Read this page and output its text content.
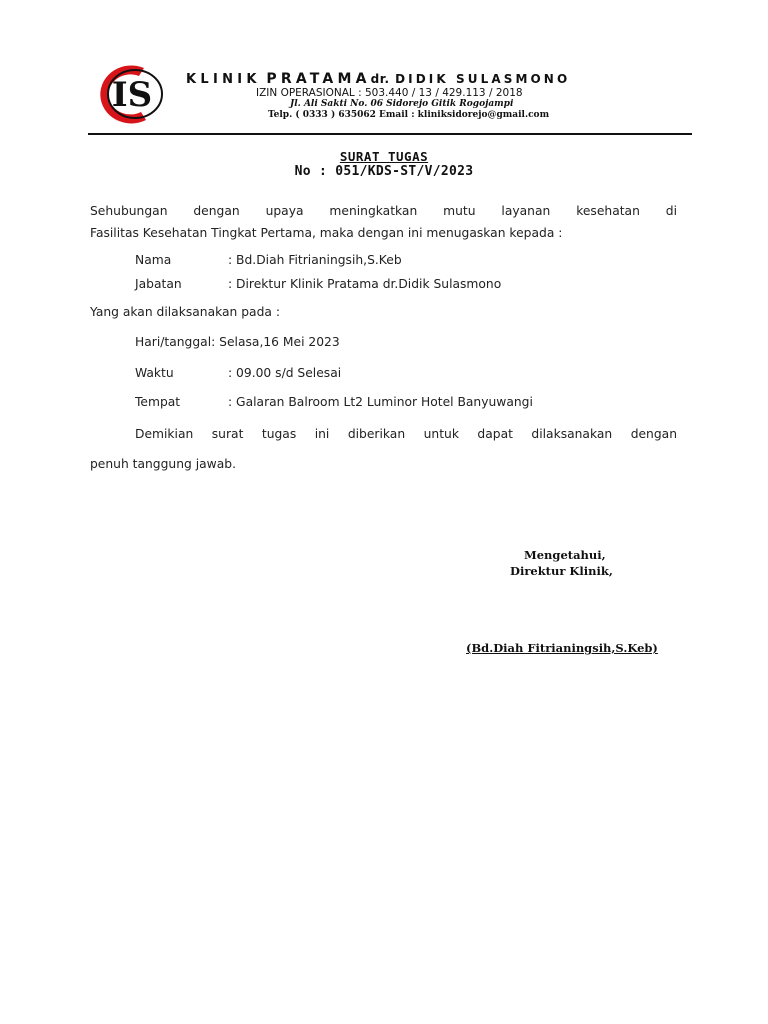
IS	KLINIK PRATAMAdr. DIDIK SULASMONO
IZIN OPERASIONAL : 503.440 / 13 / 429.113 / 2018
Jl. Ali Sakti No. 06 Sidorejo Gitik Rogojampi
Telp. ( 0333 ) 635062 Email : kliniksidorejo@gmail.com
SURAT TUGAS
No : 051/KDS-ST/V/2023
Sehubungan dengan upaya meningkatkan mutu layanan kesehatan di
Fasilitas Kesehatan Tingkat Pertama, maka dengan ini menugaskan kepada :
Nama	: Bd.Diah Fitrianingsih,S.Keb
Jabatan	: Direktur Klinik Pratama dr.Didik Sulasmono
Yang akan dilaksanakan pada :
Hari/tanggal: Selasa,16 Mei 2023
Waktu	: 09.00 s/d Selesai
Tempat	: Galaran Balroom Lt2 Luminor Hotel Banyuwangi
Demikian surat tugas ini diberikan untuk dapat dilaksanakan dengan
penuh tanggung jawab.
Mengetahui,
Direktur Klinik,
(Bd.Diah Fitrianingsih,S.Keb)
